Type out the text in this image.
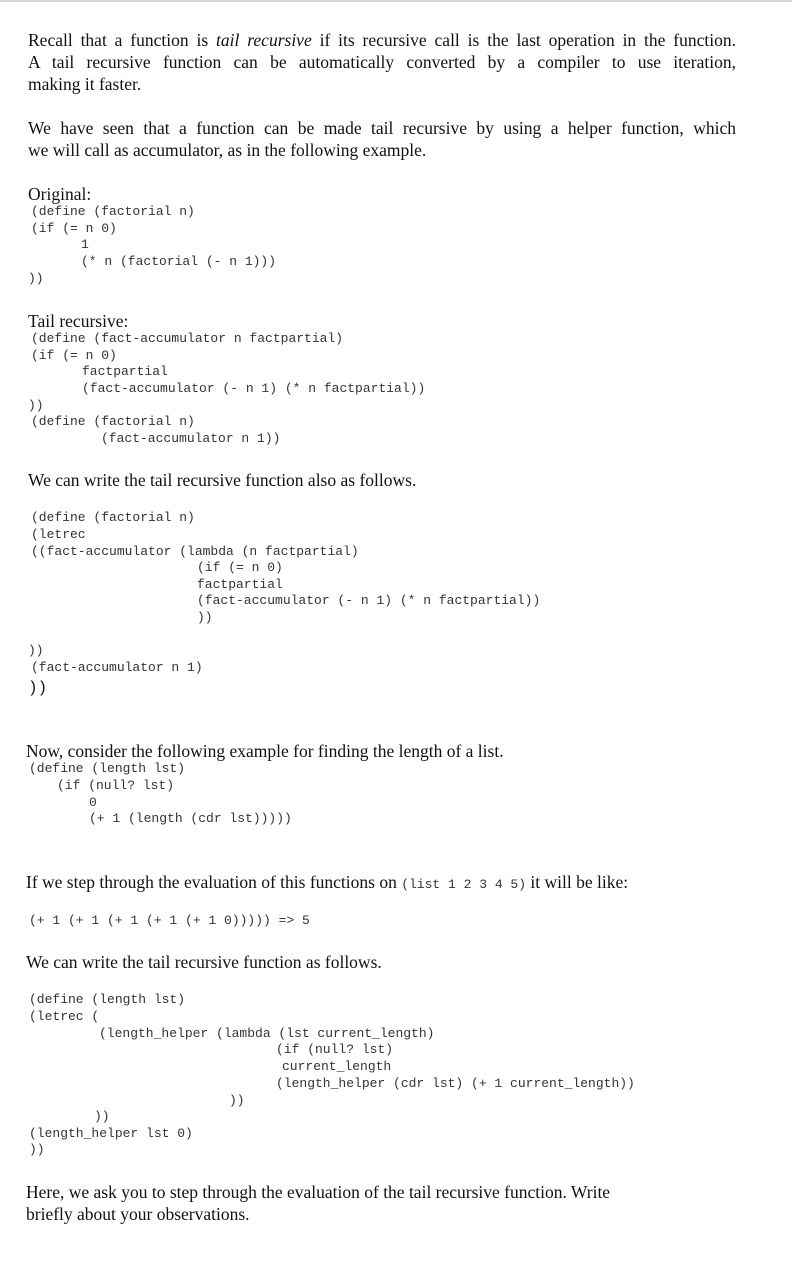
Recall that a function is tail recursive if its recursive call is the last operation in the function.
A tail recursive function can be automatically converted by a compiler to use iteration,
making it faster.
We have seen that a function can be made tail recursive by using a helper function, which
we will call as accumulator, as in the following example.
Original:
(define (factorial n)
(if (= n 0)
1
(* n (factorial (- n 1)))
))
Tail recursive:
(define (fact-accumulator n factpartial)
(if (= n 0)
factpartial
(fact-accumulator (- n 1) (* n factpartial))
))
(define (factorial n)
(fact-accumulator n 1))
We can write the tail recursive function also as follows.
(define (factorial n)
(letrec
((fact-accumulator (lambda (n factpartial)
(if (= n 0)
factpartial
(fact-accumulator (- n 1) (* n factpartial))
))
))
(fact-accumulator n 1)
))
Now, consider the following example for finding the length of a list.
(define (length lst)
(if (null? lst)
0
(+ 1 (length (cdr lst)))))
If we step through the evaluation of this functions on (list 1 2 3 4 5) it will be like:
(+ 1 (+ 1 (+ 1 (+ 1 (+ 1 0))))) => 5
We can write the tail recursive function as follows.
(define (length lst)
(letrec (
(length_helper (lambda (lst current_length)
(if (null? lst)
current_length
(length_helper (cdr lst) (+ 1 current_length))
))
))
(length_helper lst 0)
))
Here, we ask you to step through the evaluation of the tail recursive function. Write
briefly about your observations.
